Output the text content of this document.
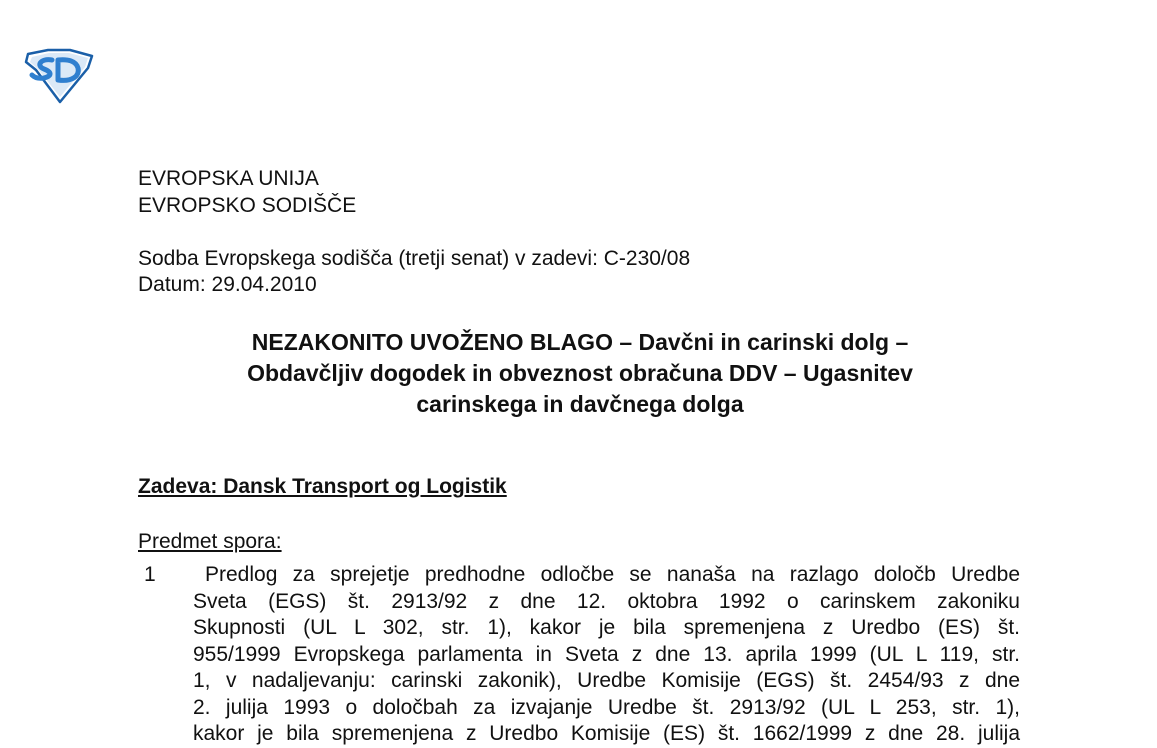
EVROPSKA UNIJA
EVROPSKO SODIŠČE
Sodba Evropskega sodišča (tretji senat) v zadevi: C-230/08
Datum: 29.04.2010
NEZAKONITO UVOŽENO BLAGO – Davčni in carinski dolg –
Obdavčljiv dogodek in obveznost obračuna DDV – Ugasnitev
carinskega in davčnega dolga
Zadeva: Dansk Transport og Logistik
Predmet spora:
1	Predlog za sprejetje predhodne odločbe se nanaša na razlago določb Uredbe
Sveta (EGS) št. 2913/92 z dne 12. oktobra 1992 o carinskem zakoniku
Skupnosti (UL L 302, str. 1), kakor je bila spremenjena z Uredbo (ES) št.
955/1999 Evropskega parlamenta in Sveta z dne 13. aprila 1999 (UL L 119, str.
1, v nadaljevanju: carinski zakonik), Uredbe Komisije (EGS) št. 2454/93 z dne
2. julija 1993 o določbah za izvajanje Uredbe št. 2913/92 (UL L 253, str. 1),
kakor je bila spremenjena z Uredbo Komisije (ES) št. 1662/1999 z dne 28. julija
